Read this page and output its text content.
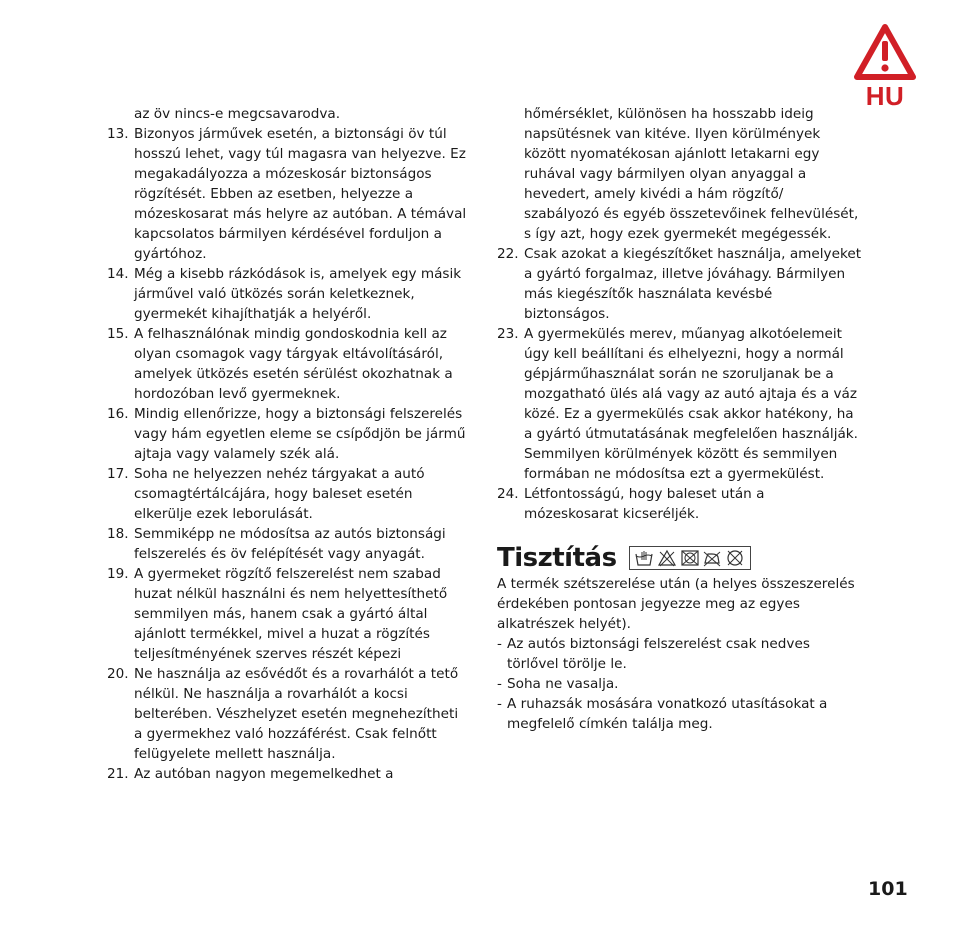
HU
az öv nincs-e megcsavarodva.
13. Bizonyos járművek esetén, a biztonsági öv túl hosszú lehet, vagy túl magasra van helyezve. Ez megakadályozza a mózeskosár biztonságos rögzítését. Ebben az esetben, helyezze a mózeskosarat más helyre az autóban. A témával kapcsolatos bármilyen kérdésével forduljon a gyártóhoz.
14. Még a kisebb rázkódások is, amelyek egy másik járművel való ütközés során keletkeznek, gyermekét kihajíthatják a helyéről.
15. A felhasználónak mindig gondoskodnia kell az olyan csomagok vagy tárgyak eltávolításáról, amelyek ütközés esetén sérülést okozhatnak a hordozóban levő gyermeknek.
16. Mindig ellenőrizze, hogy a biztonsági felszerelés vagy hám egyetlen eleme se csípődjön be jármű ajtaja vagy valamely szék alá.
17. Soha ne helyezzen nehéz tárgyakat a autó csomagtértálcájára, hogy baleset esetén elkerülje ezek leborulását.
18. Semmiképp ne módosítsa az autós biztonsági felszerelés és öv felépítését vagy anyagát.
19. A gyermeket rögzítő felszerelést nem szabad huzat nélkül használni és nem helyettesíthető semmilyen más, hanem csak a gyártó által ajánlott termékkel, mivel a huzat a rögzítés teljesítményének szerves részét képezi
20. Ne használja az esővédőt és a rovarhálót a tető nélkül. Ne használja a rovarhálót a kocsi belterében. Vészhelyzet esetén megnehezítheti a gyermekhez való hozzáférést. Csak felnőtt felügyelete mellett használja.
21. Az autóban nagyon megemelkedhet a
hőmérséklet, különösen ha hosszabb ideig napsütésnek van kitéve. Ilyen körülmények között nyomatékosan ajánlott letakarni egy ruhával vagy bármilyen olyan anyaggal a hevedert, amely kivédi a hám rögzítő/ szabályozó és egyéb összetevőinek felhevülését, s így azt, hogy ezek gyermekét megégessék.
22. Csak azokat a kiegészítőket használja, amelyeket a gyártó forgalmaz, illetve jóváhagy. Bármilyen más kiegészítők használata kevésbé biztonságos.
23. A gyermekülés merev, műanyag alkotóelemeit úgy kell beállítani és elhelyezni, hogy a normál gépjárműhasználat során ne szoruljanak be a mozgatható ülés alá vagy az autó ajtaja és a váz közé. Ez a gyermekülés csak akkor hatékony, ha a gyártó útmutatásának megfelelően használják. Semmilyen körülmények között és semmilyen formában ne módosítsa ezt a gyermekülést.
24. Létfontosságú, hogy baleset után a mózeskosarat kicseréljék.
Tisztítás

A termék szétszerelése után (a helyes összeszerelés érdekében pontosan jegyezze meg az egyes alkatrészek helyét).

- Az autós biztonsági felszerelést csak nedves törlővel törölje le.
- Soha ne vasalja.
- A ruhazsák mosására vonatkozó utasításokat a megfelelő címkén találja meg.
101
